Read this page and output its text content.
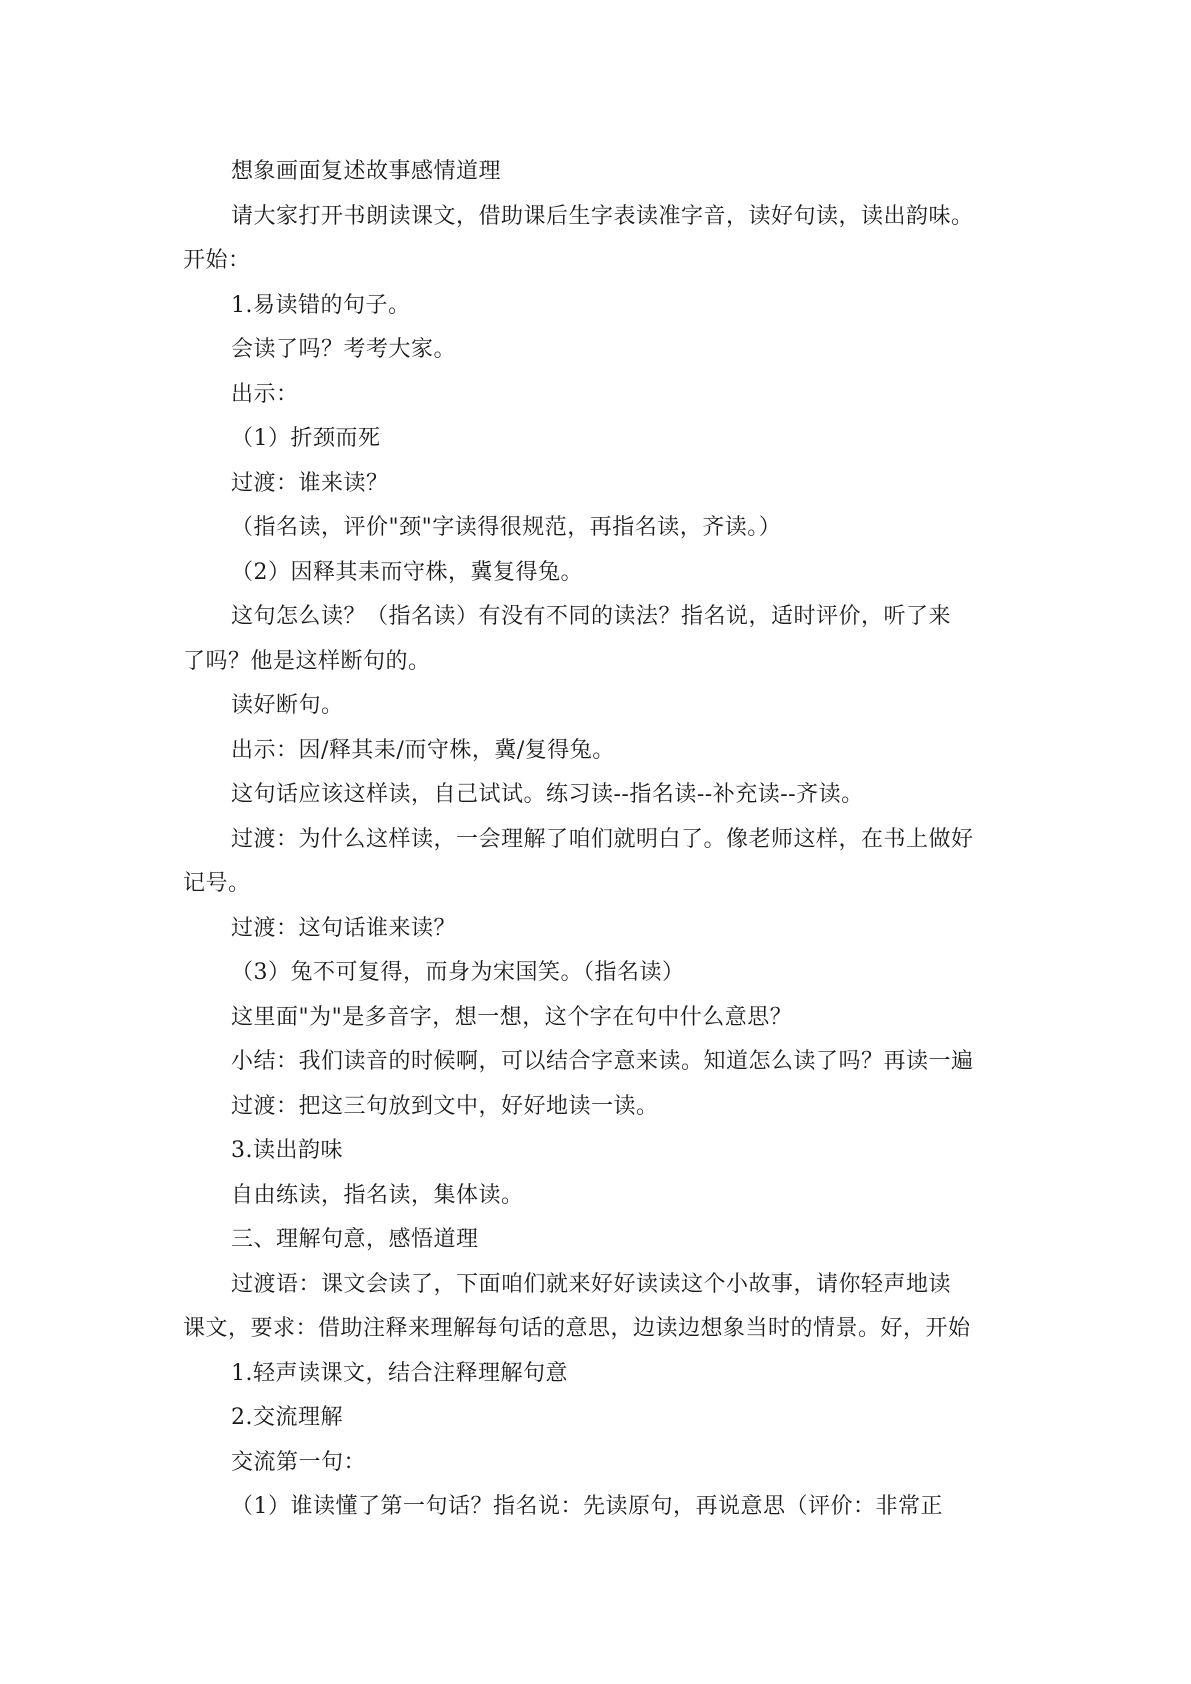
想象画面复述故事感情道理

请大家打开书朗读课文，借助课后生字表读准字音，读好句读，读出韵味。
开始：

1.易读错的句子。

会读了吗？考考大家。

出示：

（1）折颈而死

过渡：谁来读？

（指名读，评价"颈"字读得很规范，再指名读，齐读。）

（2）因释其耒而守株，冀复得兔。

这句怎么读？（指名读）有没有不同的读法？指名说，适时评价，听了来
了吗？他是这样断句的。

读好断句。

出示：因/释其耒/而守株，冀/复得兔。

这句话应该这样读，自己试试。练习读--指名读--补充读--齐读。

过渡：为什么这样读，一会理解了咱们就明白了。像老师这样，在书上做好
记号。

过渡：这句话谁来读？

（3）兔不可复得，而身为宋国笑。（指名读）

这里面"为"是多音字，想一想，这个字在句中什么意思？

小结：我们读音的时候啊，可以结合字意来读。知道怎么读了吗？再读一遍

过渡：把这三句放到文中，好好地读一读。

3.读出韵味

自由练读，指名读，集体读。

三、理解句意，感悟道理

过渡语：课文会读了，下面咱们就来好好读读这个小故事，请你轻声地读
课文，要求：借助注释来理解每句话的意思，边读边想象当时的情景。好，开始

1.轻声读课文，结合注释理解句意

2.交流理解

交流第一句：

（1）谁读懂了第一句话？指名说：先读原句，再说意思（评价：非常正
